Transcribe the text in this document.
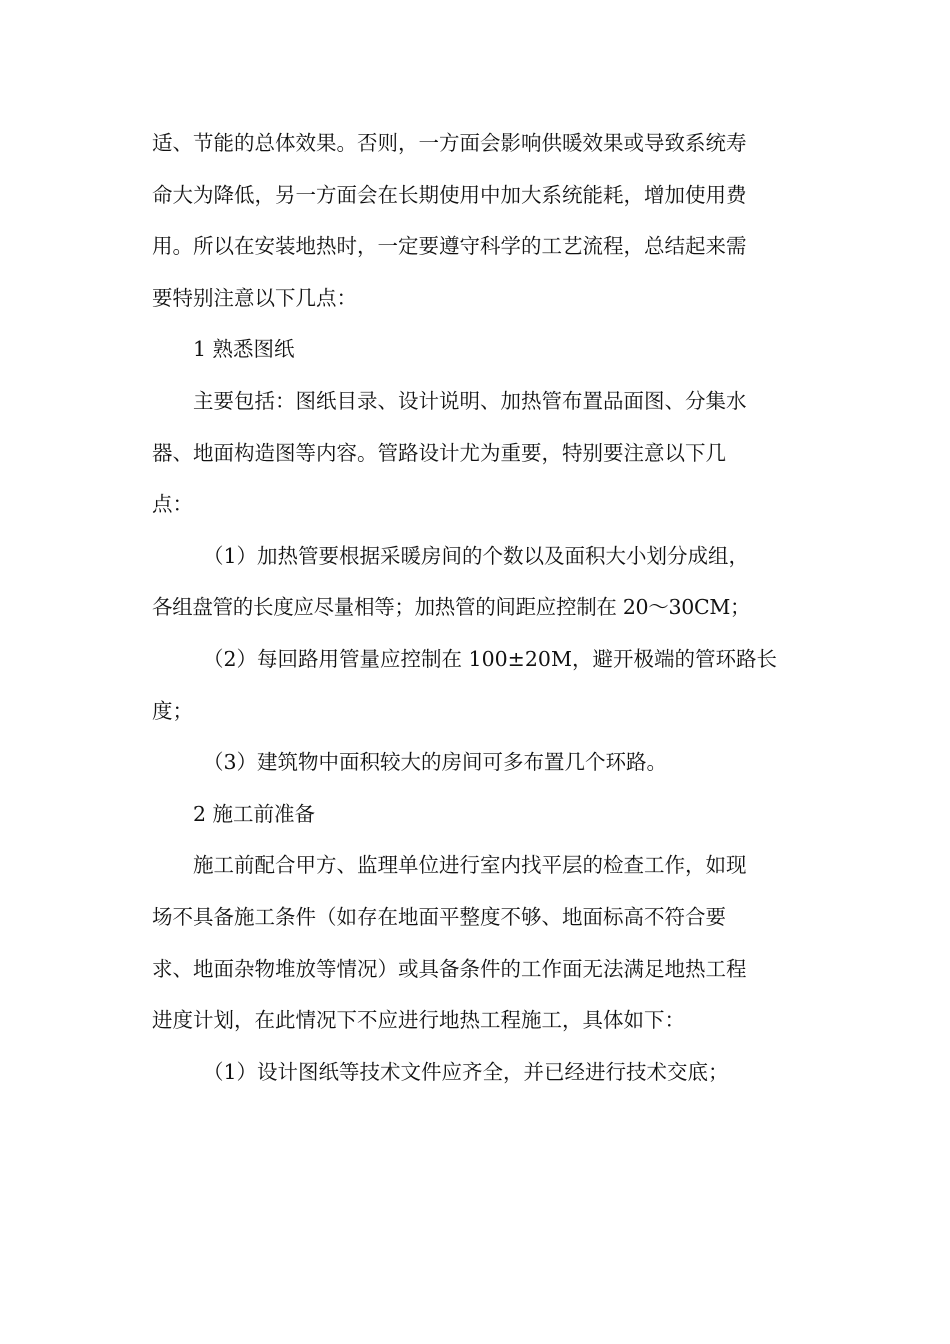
适、节能的总体效果。否则，一方面会影响供暖效果或导致系统寿
命大为降低，另一方面会在长期使用中加大系统能耗，增加使用费
用。所以在安装地热时，一定要遵守科学的工艺流程，总结起来需
要特别注意以下几点：
1 熟悉图纸
主要包括：图纸目录、设计说明、加热管布置品面图、分集水
器、地面构造图等内容。管路设计尤为重要，特别要注意以下几
点：
（1）加热管要根据采暖房间的个数以及面积大小划分成组，
各组盘管的长度应尽量相等；加热管的间距应控制在 20～30CM；
（2）每回路用管量应控制在 100±20M，避开极端的管环路长
度；
（3）建筑物中面积较大的房间可多布置几个环路。
2 施工前准备
施工前配合甲方、监理单位进行室内找平层的检查工作，如现
场不具备施工条件（如存在地面平整度不够、地面标高不符合要
求、地面杂物堆放等情况）或具备条件的工作面无法满足地热工程
进度计划，在此情况下不应进行地热工程施工，具体如下：
（1）设计图纸等技术文件应齐全，并已经进行技术交底；
